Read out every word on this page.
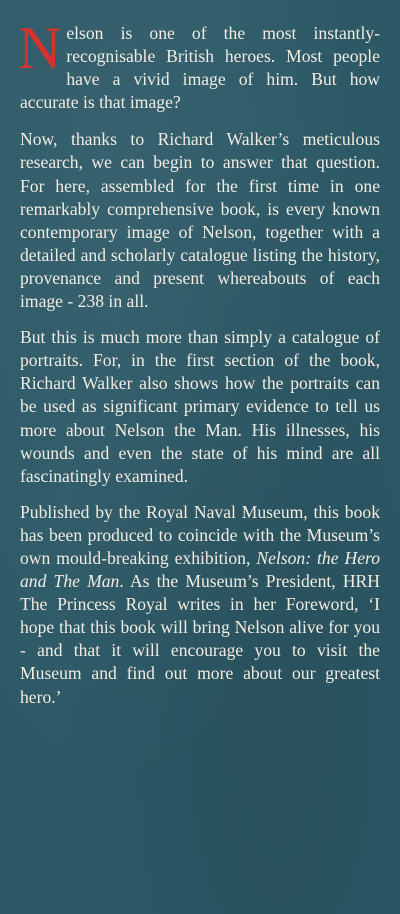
Nelson is one of the most instantly-recognisable British heroes. Most people have a vivid image of him. But how accurate is that image?

Now, thanks to Richard Walker’s meticulous research, we can begin to answer that question. For here, assembled for the first time in one remarkably comprehensive book, is every known contemporary image of Nelson, together with a detailed and scholarly catalogue listing the history, provenance and present whereabouts of each image - 238 in all.

But this is much more than simply a catalogue of portraits. For, in the first section of the book, Richard Walker also shows how the portraits can be used as significant primary evidence to tell us more about Nelson the Man. His illnesses, his wounds and even the state of his mind are all fascinatingly examined.

Published by the Royal Naval Museum, this book has been produced to coincide with the Museum’s own mould-breaking exhibition, Nelson: the Hero and The Man. As the Museum’s President, HRH The Princess Royal writes in her Foreword, ‘I hope that this book will bring Nelson alive for you - and that it will encourage you to visit the Museum and find out more about our greatest hero.’
